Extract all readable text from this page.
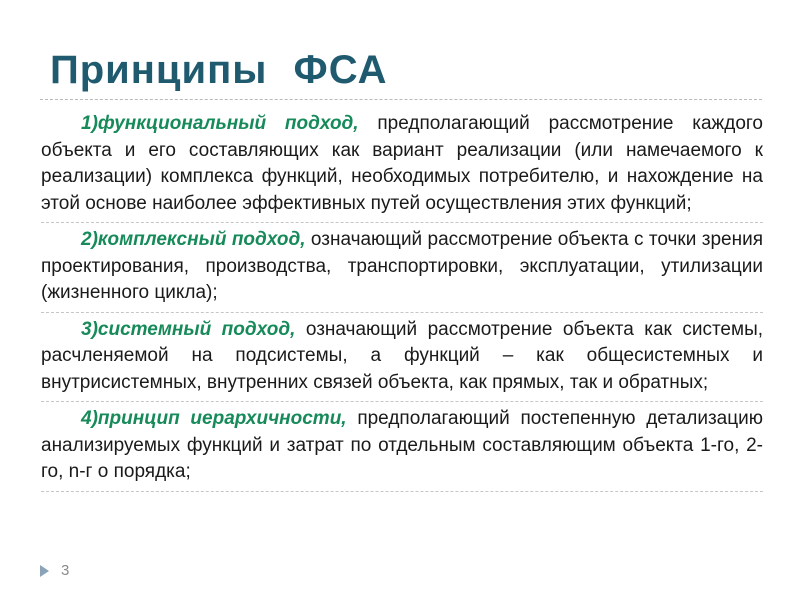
Принципы ФСА

1)функциональный подход, предполагающий рассмотрение каждого объекта и его составляющих как вариант реализации (или намечаемого к реализации) комплекса функций, необходимых потребителю, и нахождение на этой основе наиболее эффективных путей осуществления этих функций;

2)комплексный подход, означающий рассмотрение объекта с точки зрения проектирования, производства, транспортировки, эксплуатации, утилизации (жизненного цикла);

3)системный подход, означающий рассмотрение объекта как системы, расчленяемой на подсистемы, а функций – как общесистемных и внутрисистемных, внутренних связей объекта, как прямых, так и обратных;

4)принцип иерархичности, предполагающий постепенную детализацию анализируемых функций и затрат по отдельным составляющим объекта 1-го, 2-го, n-г о порядка;

3
